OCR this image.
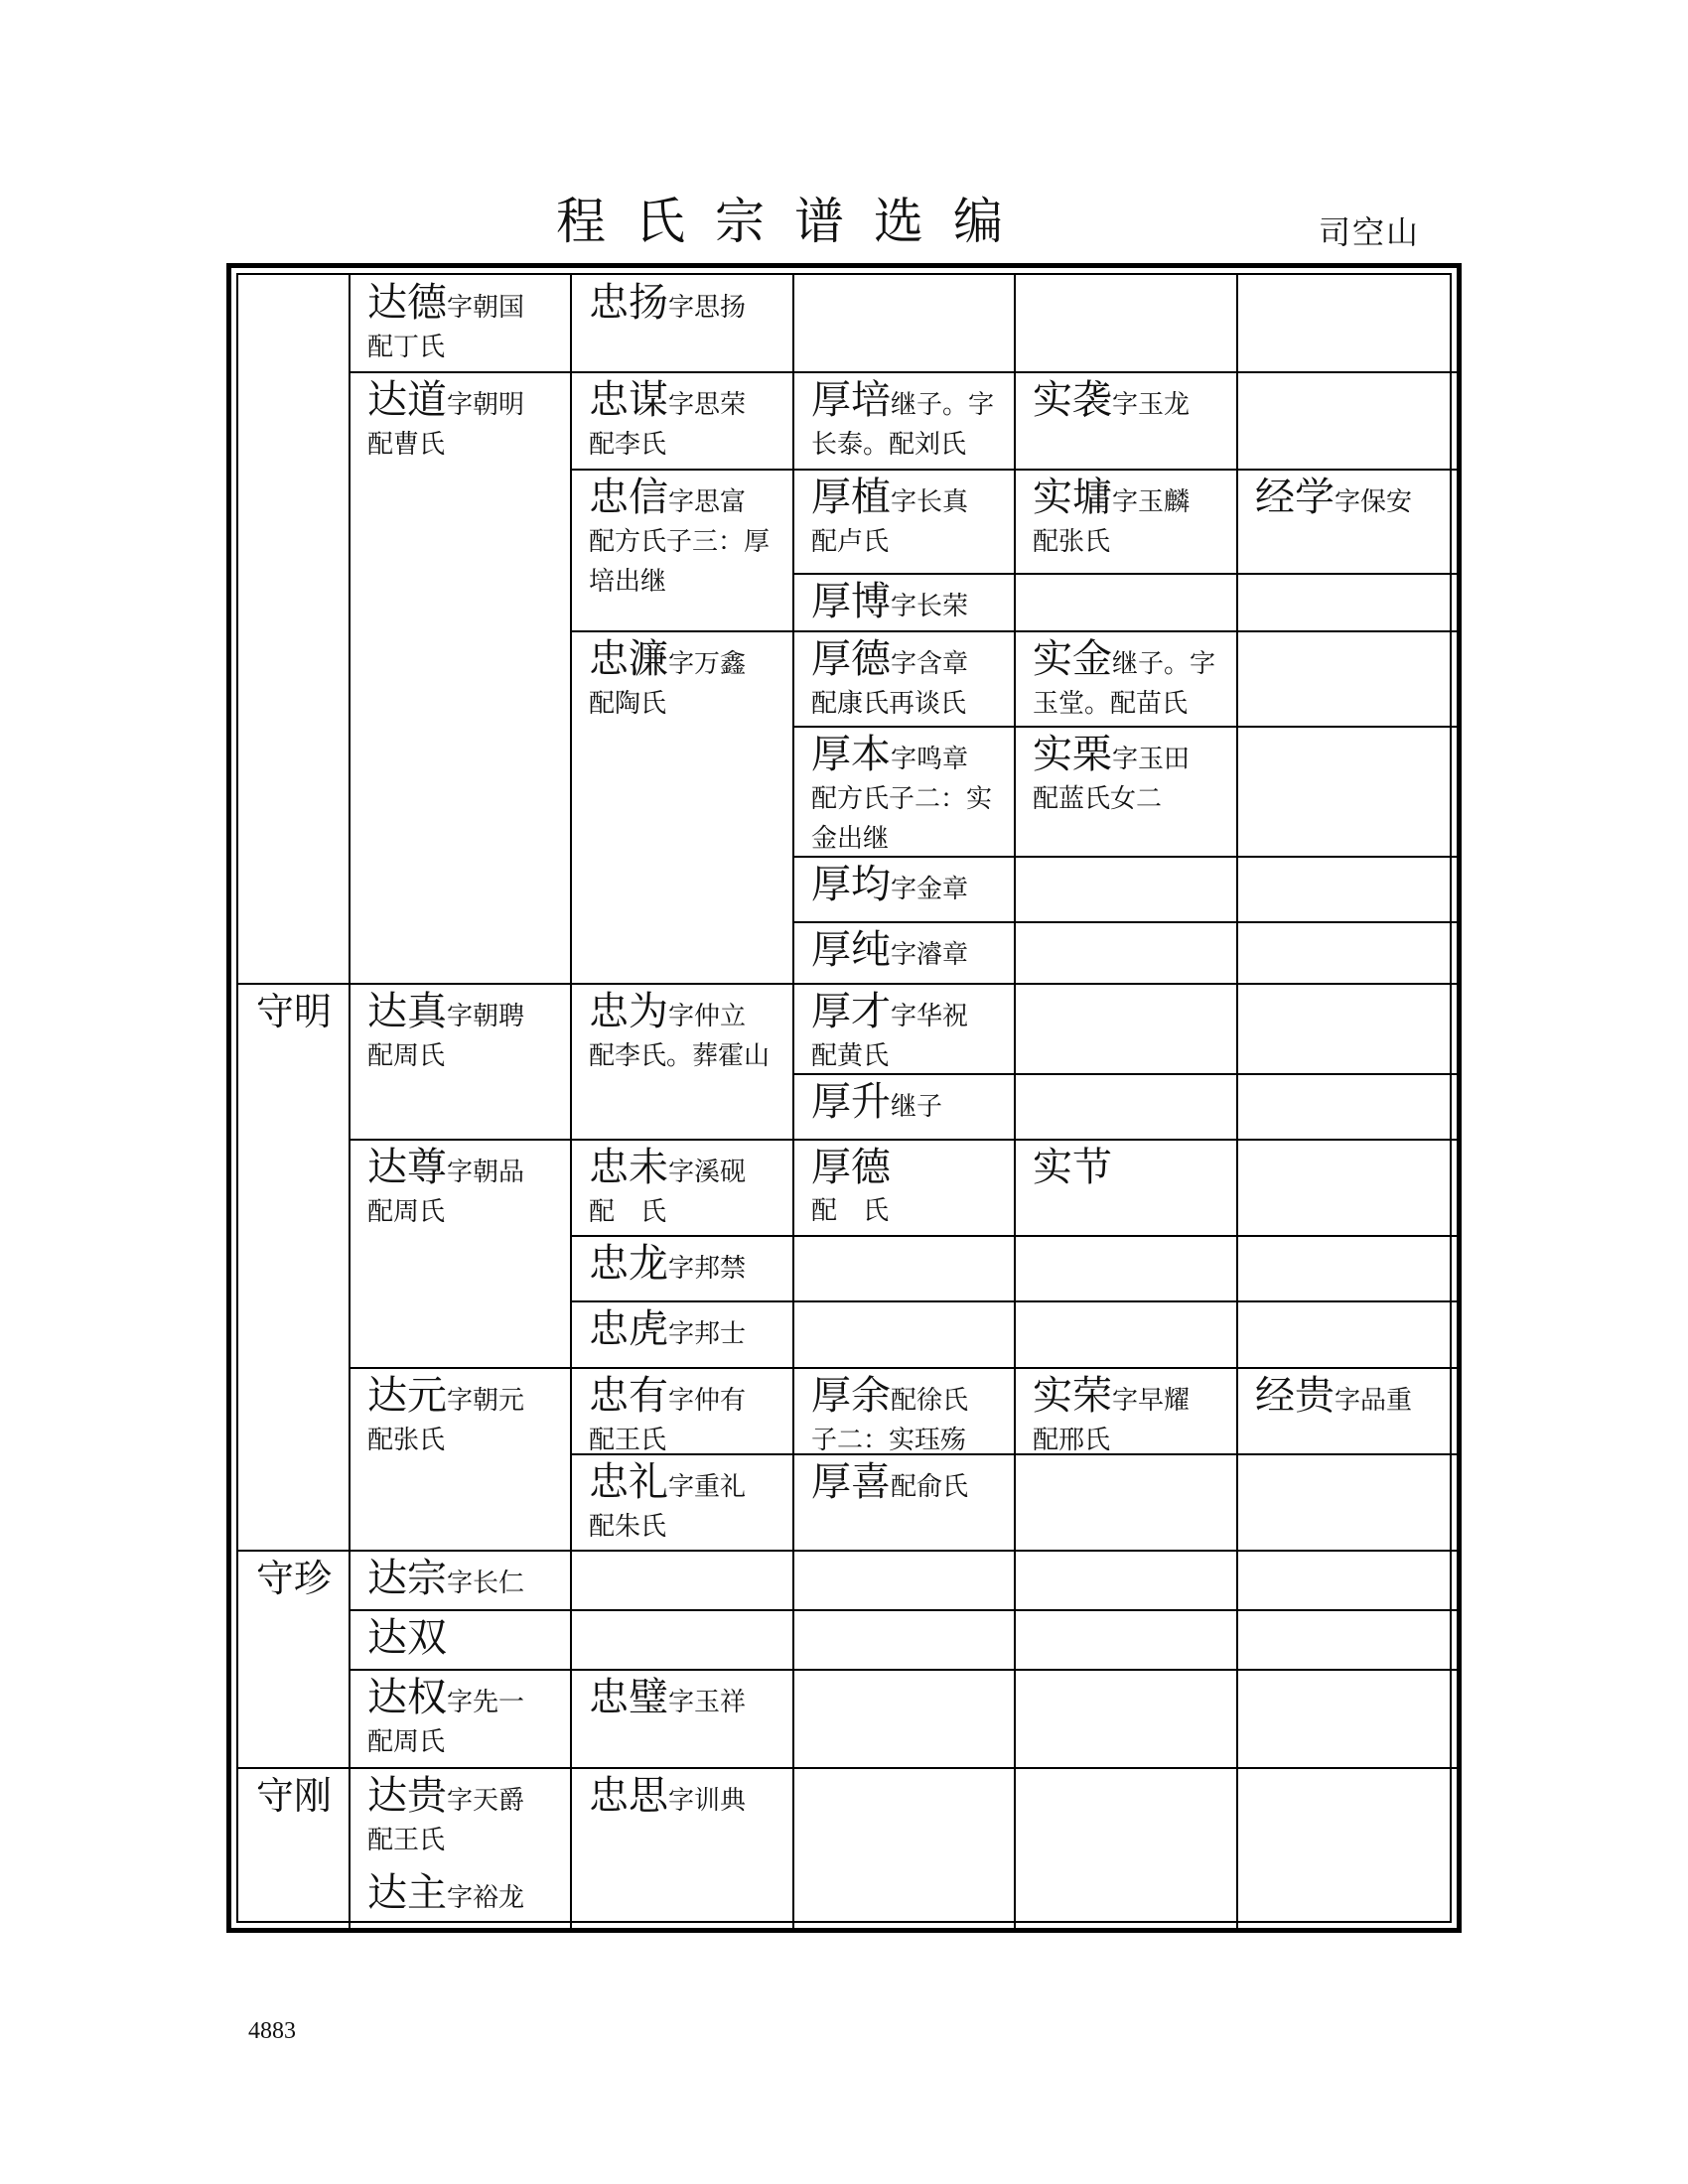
程氏宗谱选编	司空山
守明
守珍
守刚
达德字朝国
配丁氏
忠扬字思扬
达道字朝明
配曹氏
忠谋字思荣
配李氏
厚培继子。字
长泰。配刘氏
实袭字玉龙
忠信字思富
配方氏子三：厚
培出继
厚植字长真
配卢氏
实墉字玉麟
配张氏
经学字保安
厚博字长荣
忠濂字万鑫
配陶氏
厚德字含章
配康氏再谈氏
实金继子。字
玉堂。配苗氏
厚本字鸣章
配方氏子二：实
金出继
实栗字玉田
配蓝氏女二
厚均字金章
厚纯字濬章
达真字朝聘
配周氏
忠为字仲立
配李氏。葬霍山
厚才字华祝
配黄氏
厚升继子
达尊字朝品
配周氏
忠未字溪砚
配　氏
厚德
配　氏
实节
忠龙字邦禁
忠虎字邦士
达元字朝元
配张氏
忠有字仲有
配王氏
厚余配徐氏
子二：实珏殇
实荣字早耀
配邢氏
经贵字品重
忠礼字重礼
配朱氏
厚喜配俞氏
达宗字长仁
达双
达权字先一
配周氏
忠璧字玉祥
达贵字天爵
配王氏
忠思字训典
达主字裕龙
4883
